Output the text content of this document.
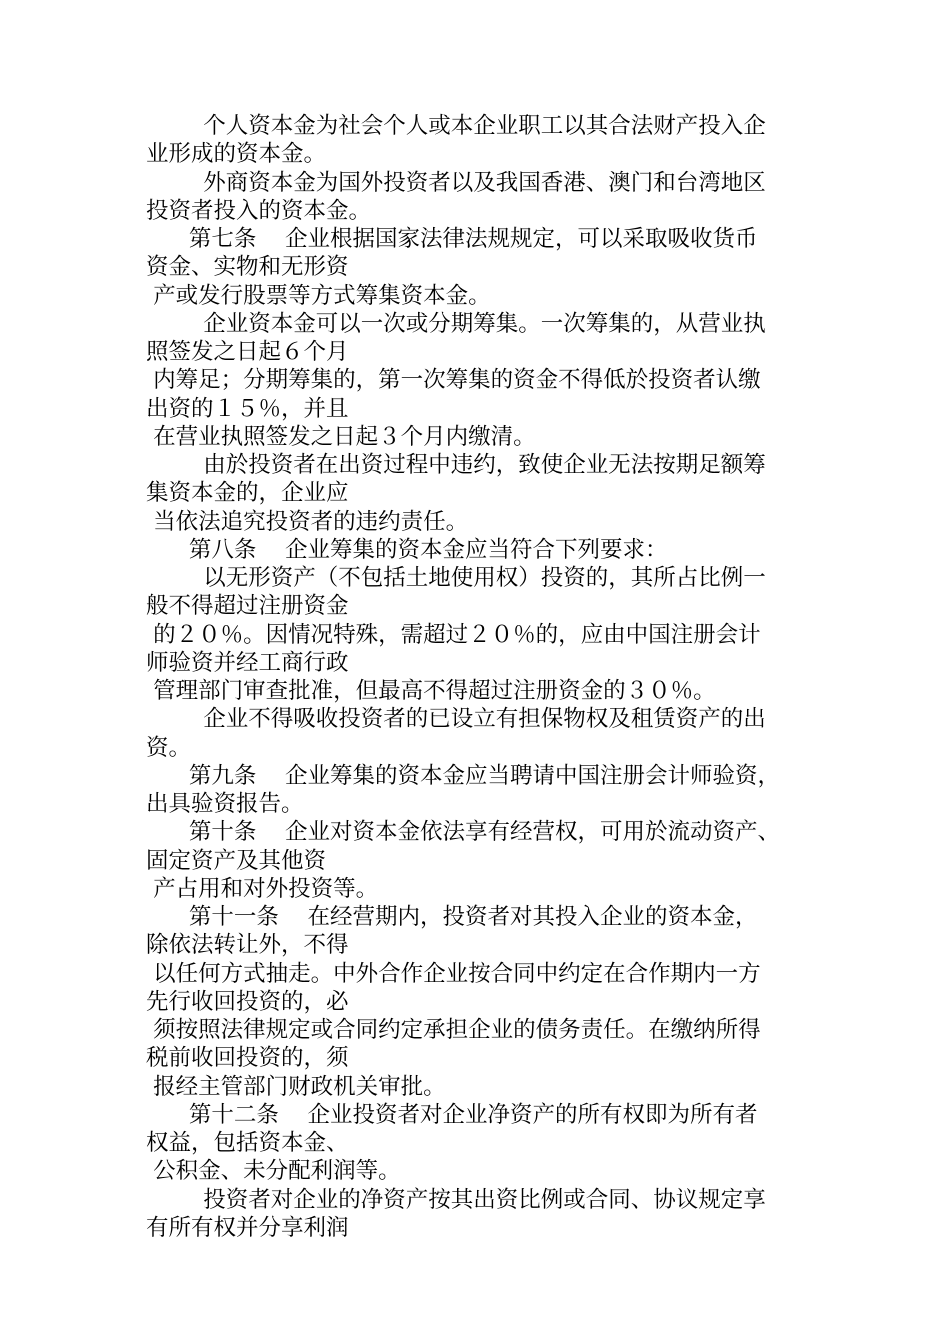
个人资本金为社会个人或本企业职工以其合法财产投入企
业形成的资本金。
外商资本金为国外投资者以及我国香港、澳门和台湾地区
投资者投入的资本金。
第七条    企业根据国家法律法规规定，可以采取吸收货币
资金、实物和无形资
产或发行股票等方式筹集资本金。
企业资本金可以一次或分期筹集。一次筹集的，从营业执
照签发之日起６个月
内筹足；分期筹集的，第一次筹集的资金不得低於投资者认缴
出资的１５％，并且
在营业执照签发之日起３个月内缴清。
由於投资者在出资过程中违约，致使企业无法按期足额筹
集资本金的，企业应
当依法追究投资者的违约责任。
第八条    企业筹集的资本金应当符合下列要求：
以无形资产（不包括土地使用权）投资的，其所占比例一
般不得超过注册资金
的２０％。因情况特殊，需超过２０％的，应由中国注册会计
师验资并经工商行政
管理部门审查批准，但最高不得超过注册资金的３０％。
企业不得吸收投资者的已设立有担保物权及租赁资产的出
资。
第九条    企业筹集的资本金应当聘请中国注册会计师验资，
出具验资报告。
第十条    企业对资本金依法享有经营权，可用於流动资产、
固定资产及其他资
产占用和对外投资等。
第十一条    在经营期内，投资者对其投入企业的资本金，
除依法转让外，不得
以任何方式抽走。中外合作企业按合同中约定在合作期内一方
先行收回投资的，必
须按照法律规定或合同约定承担企业的债务责任。在缴纳所得
税前收回投资的，须
报经主管部门财政机关审批。
第十二条    企业投资者对企业净资产的所有权即为所有者
权益，包括资本金、
公积金、未分配利润等。
投资者对企业的净资产按其出资比例或合同、协议规定享
有所有权并分享利润
